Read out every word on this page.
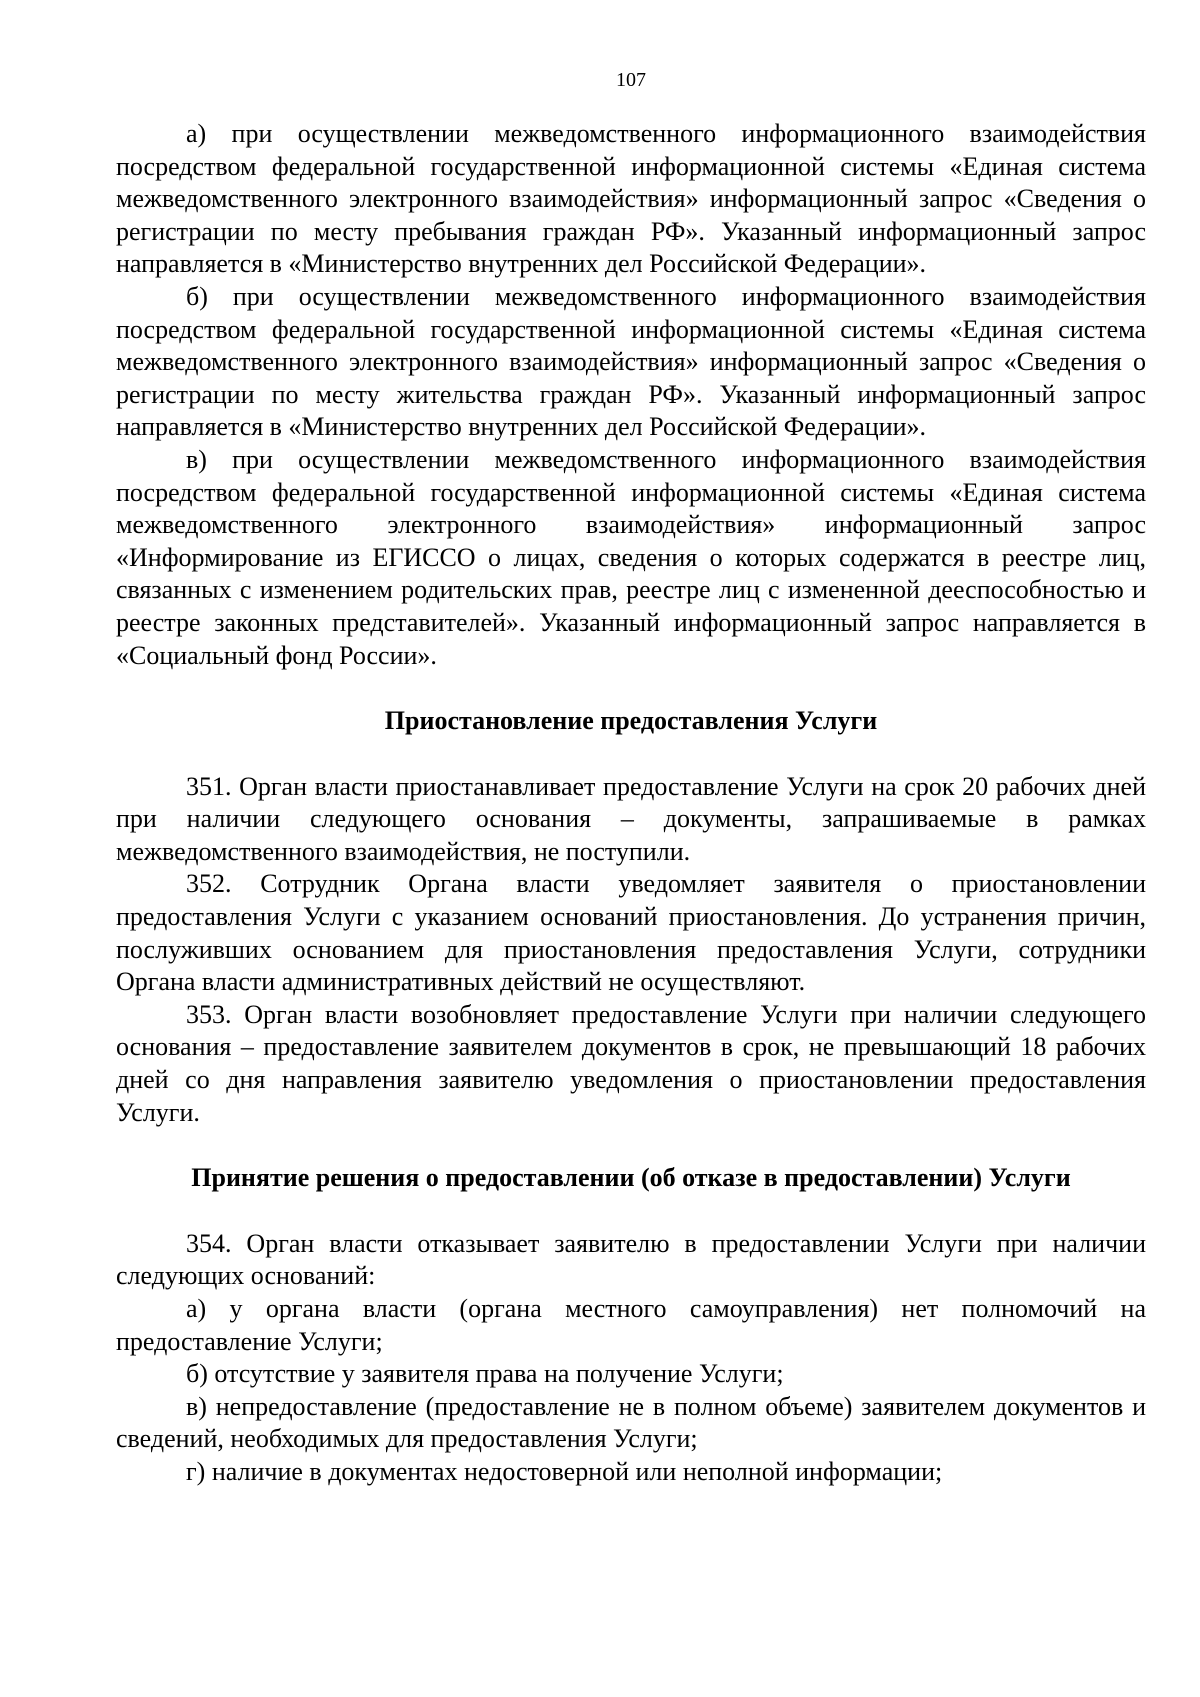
107

а) при осуществлении межведомственного информационного взаимодействия посредством федеральной государственной информационной системы «Единая система межведомственного электронного взаимодействия» информационный запрос «Сведения о регистрации по месту пребывания граждан РФ». Указанный информационный запрос направляется в «Министерство внутренних дел Российской Федерации».

б) при осуществлении межведомственного информационного взаимодействия посредством федеральной государственной информационной системы «Единая система межведомственного электронного взаимодействия» информационный запрос «Сведения о регистрации по месту жительства граждан РФ». Указанный информационный запрос направляется в «Министерство внутренних дел Российской Федерации».

в) при осуществлении межведомственного информационного взаимодействия посредством федеральной государственной информационной системы «Единая система межведомственного электронного взаимодействия» информационный запрос «Информирование из ЕГИССО о лицах, сведения о которых содержатся в реестре лиц, связанных с изменением родительских прав, реестре лиц с измененной дееспособностью и реестре законных представителей». Указанный информационный запрос направляется в «Социальный фонд России».

Приостановление предоставления Услуги

351. Орган власти приостанавливает предоставление Услуги на срок 20 рабочих дней при наличии следующего основания – документы, запрашиваемые в рамках межведомственного взаимодействия, не поступили.

352. Сотрудник Органа власти уведомляет заявителя о приостановлении предоставления Услуги с указанием оснований приостановления. До устранения причин, послуживших основанием для приостановления предоставления Услуги, сотрудники Органа власти административных действий не осуществляют.

353. Орган власти возобновляет предоставление Услуги при наличии следующего основания – предоставление заявителем документов в срок, не превышающий 18 рабочих дней со дня направления заявителю уведомления о приостановлении предоставления Услуги.

Принятие решения о предоставлении (об отказе в предоставлении) Услуги

354. Орган власти отказывает заявителю в предоставлении Услуги при наличии следующих оснований:

а) у органа власти (органа местного самоуправления) нет полномочий на предоставление Услуги;

б) отсутствие у заявителя права на получение Услуги;

в) непредоставление (предоставление не в полном объеме) заявителем документов и сведений, необходимых для предоставления Услуги;

г) наличие в документах недостоверной или неполной информации;
